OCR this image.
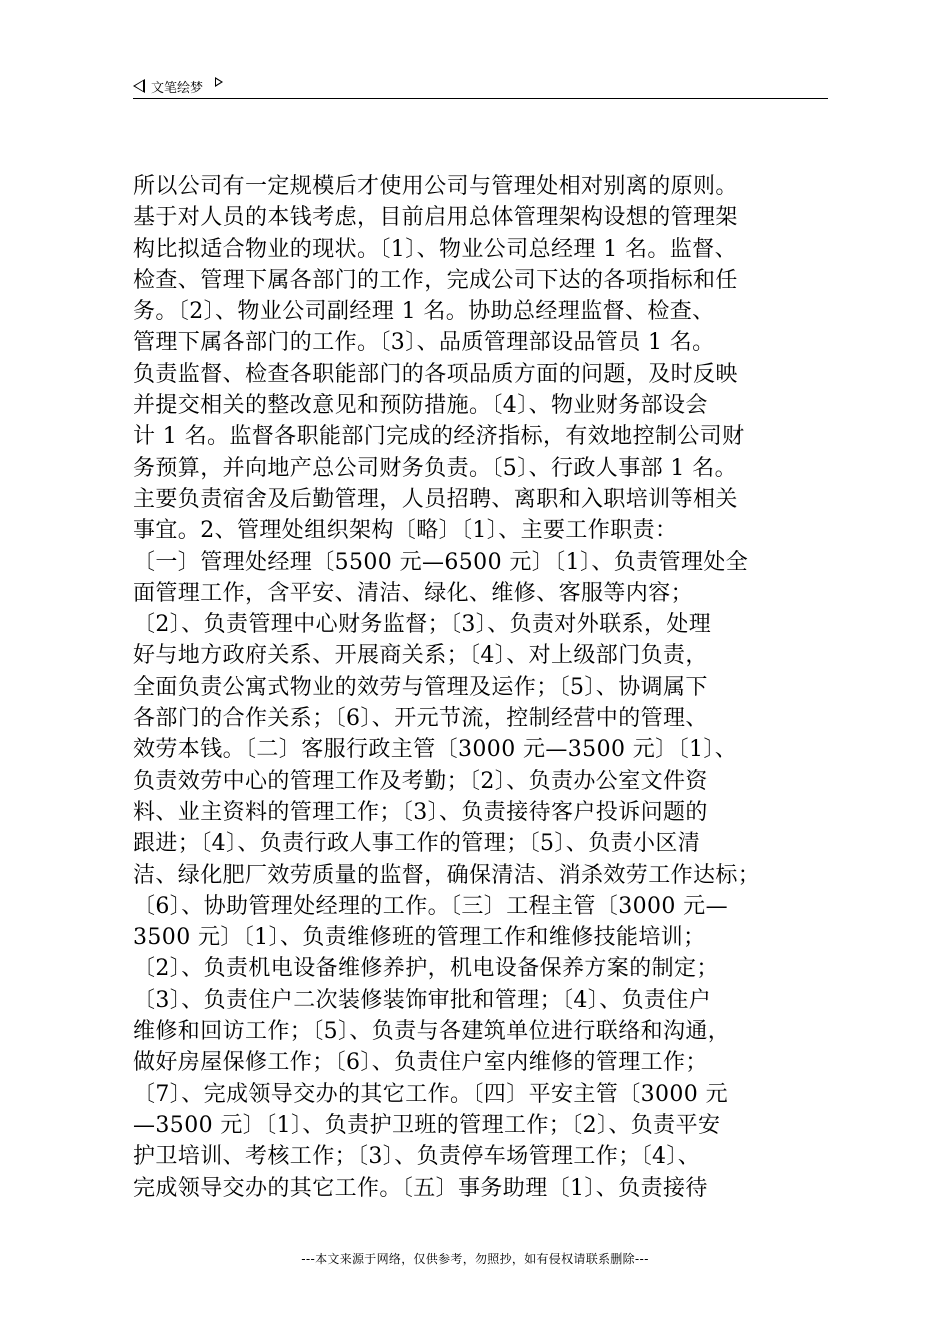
文笔绘梦
所以公司有一定规模后才使用公司与管理处相对别离的原则。
基于对人员的本钱考虑，目前启用总体管理架构设想的管理架
构比拟适合物业的现状。〔1〕、物业公司总经理 1 名。监督、
检查、管理下属各部门的工作，完成公司下达的各项指标和任
务。〔2〕、物业公司副经理 1 名。协助总经理监督、检查、
管理下属各部门的工作。〔3〕、品质管理部设品管员 1 名。
负责监督、检查各职能部门的各项品质方面的问题，及时反映
并提交相关的整改意见和预防措施。〔4〕、物业财务部设会
计 1 名。监督各职能部门完成的经济指标，有效地控制公司财
务预算，并向地产总公司财务负责。〔5〕、行政人事部 1 名。
主要负责宿舍及后勤管理，人员招聘、离职和入职培训等相关
事宜。2、管理处组织架构〔略〕〔1〕、主要工作职责：
〔一〕管理处经理〔5500 元—6500 元〕〔1〕、负责管理处全
面管理工作，含平安、清洁、绿化、维修、客服等内容；
〔2〕、负责管理中心财务监督；〔3〕、负责对外联系，处理
好与地方政府关系、开展商关系；〔4〕、对上级部门负责，
全面负责公寓式物业的效劳与管理及运作；〔5〕、协调属下
各部门的合作关系；〔6〕、开元节流，控制经营中的管理、
效劳本钱。〔二〕客服行政主管〔3000 元—3500 元〕〔1〕、
负责效劳中心的管理工作及考勤；〔2〕、负责办公室文件资
料、业主资料的管理工作；〔3〕、负责接待客户投诉问题的
跟进；〔4〕、负责行政人事工作的管理；〔5〕、负责小区清
洁、绿化肥厂效劳质量的监督，确保清洁、消杀效劳工作达标；
〔6〕、协助管理处经理的工作。〔三〕工程主管〔3000 元—
3500 元〕〔1〕、负责维修班的管理工作和维修技能培训；
〔2〕、负责机电设备维修养护，机电设备保养方案的制定；
〔3〕、负责住户二次装修装饰审批和管理；〔4〕、负责住户
维修和回访工作；〔5〕、负责与各建筑单位进行联络和沟通，
做好房屋保修工作；〔6〕、负责住户室内维修的管理工作；
〔7〕、完成领导交办的其它工作。〔四〕平安主管〔3000 元
—3500 元〕〔1〕、负责护卫班的管理工作；〔2〕、负责平安
护卫培训、考核工作；〔3〕、负责停车场管理工作；〔4〕、
完成领导交办的其它工作。〔五〕事务助理〔1〕、负责接待
---本文来源于网络，仅供参考，勿照抄，如有侵权请联系删除---
